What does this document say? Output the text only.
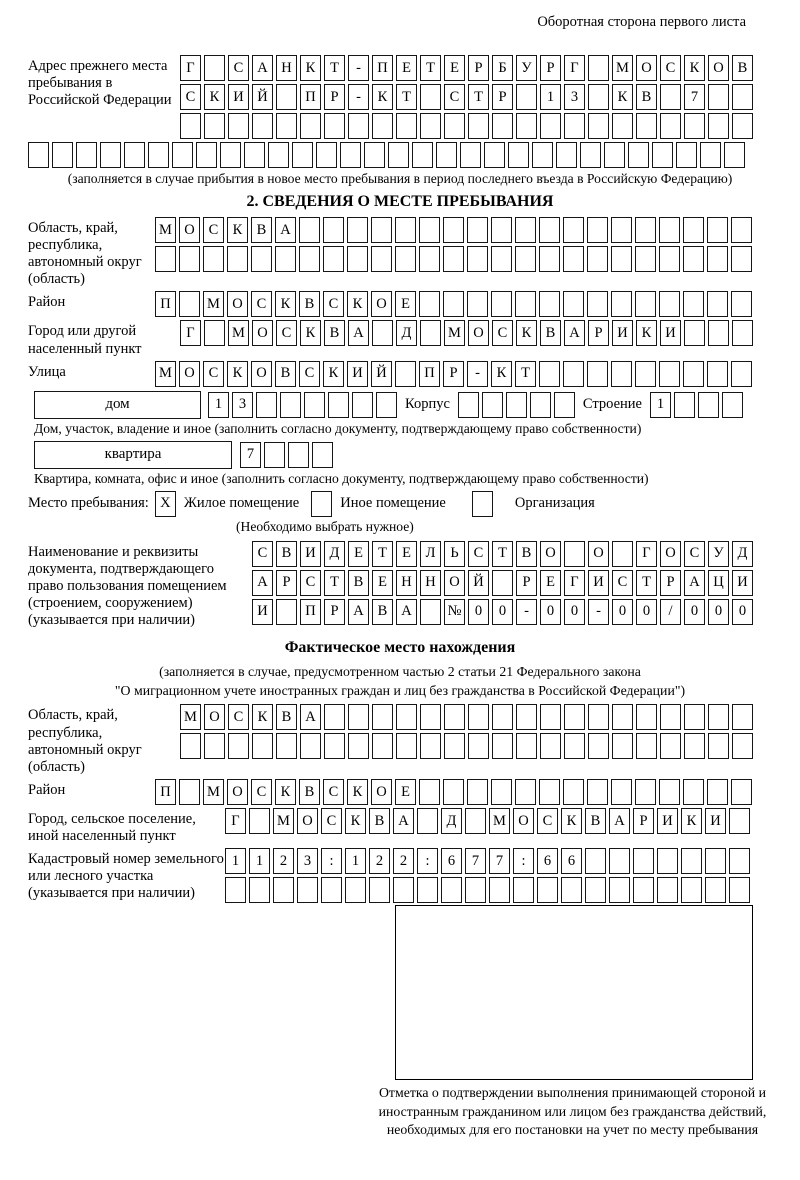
Оборотная сторона первого листа
Адрес прежнего места пребывания в Российской Федерации
Г	С А Н К	Т	-	П Е	Т	Е	Р	Б	У	Р	Г	М О С К О В
С К И Й	П	Р	-	К	Т	С	Т	Р	1	3	К В	7
(заполняется в случае прибытия в новое место пребывания в период последнего въезда в Российскую Федерацию)
2. СВЕДЕНИЯ О МЕСТЕ ПРЕБЫВАНИЯ
Область, край, республика, автономный округ (область)
М О С К В А
Район	П	М О С К В С К О Е
Город или другой населенный пункт
Г	М О С К В А	Д	М О С К В А	Р	И К И
Улица	М О С К О В С К И Й	П	Р	-	К	Т
дом	1	3	Корпус	Строение	1
Дом, участок, владение и иное (заполнить согласно документу, подтверждающему право собственности)
квартира	7
Квартира, комната, офис и иное (заполнить согласно документу, подтверждающему право собственности)
Место пребывания: X Жилое помещение	Иное помещение	Организация
(Необходимо выбрать нужное)
Наименование и реквизиты документа, подтверждающего право пользования помещением (строением, сооружением) (указывается при наличии)
С В И Д	Е	Т	Е	Л	Ь	С	Т	В О	О	Г	О С У Д
А	Р	С	Т	В	Е Н Н О Й	Р	Е	Г	И С	Т	Р	А Ц И
И	П	Р	А В А	№ 0	0	-	0	0	-	0	0	/	0	0	0
Фактическое место нахождения
(заполняется в случае, предусмотренном частью 2 статьи 21 Федерального закона
"О миграционном учете иностранных граждан и лиц без гражданства в Российской Федерации")
Область, край, республика, автономный округ (область)
М О С К В А
Район	П	М О С К В С К О Е
Город, сельское поселение, иной населенный пункт
Г	М О С К В А	Д	М О С К В А	Р	И К И
Кадастровый номер земельного или лесного участка (указывается при наличии)
1	1	2	3	:	1	2	2	:	6	7	7	:	6	6
Отметка о подтверждении выполнения принимающей стороной и иностранным гражданином или лицом без гражданства действий, необходимых для его постановки на учет по месту пребывания
